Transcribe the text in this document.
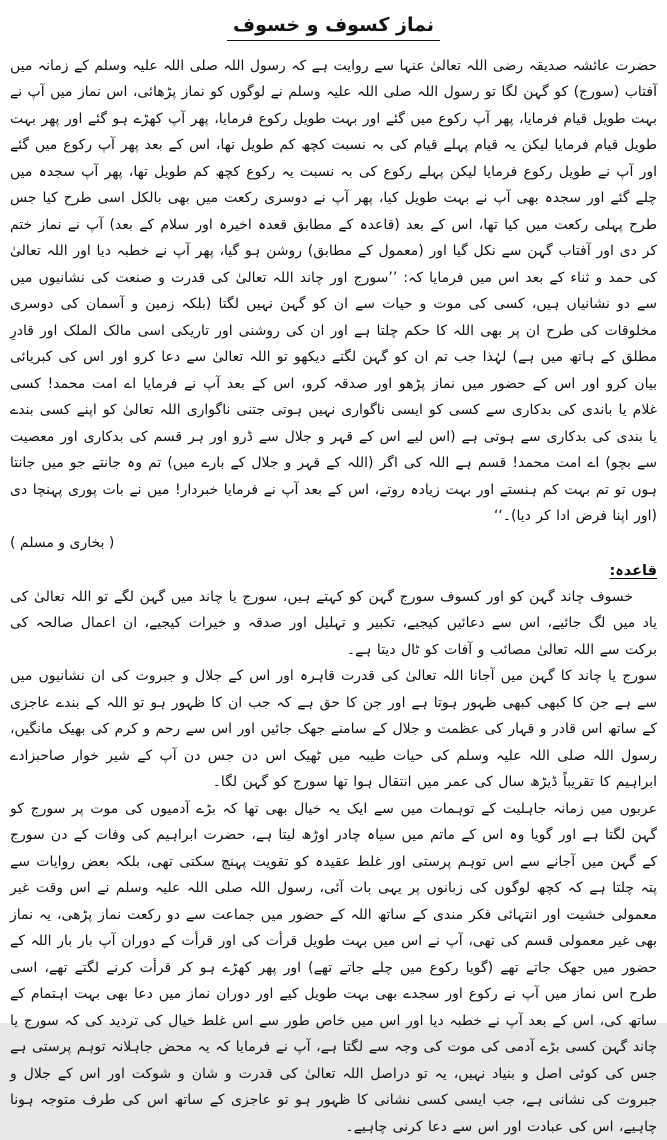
نماز کسوف و خسوف

حضرت عائشہ صدیقہ رضی اللہ تعالیٰ عنہا سے روایت ہے کہ رسول اللہ صلی اللہ علیہ وسلم کے زمانہ میں آفتاب (سورج) کو گہن لگا تو رسول اللہ صلی اللہ علیہ وسلم نے لوگوں کو نماز پڑھائی، اس نماز میں آپ نے بہت طویل قیام فرمایا، پھر آپ رکوع میں گئے اور بہت طویل رکوع فرمایا، پھر آپ کھڑے ہو گئے اور پھر بہت طویل قیام فرمایا لیکن یہ قیام پہلے قیام کی بہ نسبت کچھ کم طویل تھا، اس کے بعد پھر آپ رکوع میں گئے اور آپ نے طویل رکوع فرمایا لیکن پہلے رکوع کی بہ نسبت یہ رکوع کچھ کم طویل تھا، پھر آپ سجدہ میں چلے گئے اور سجدہ بھی آپ نے بہت طویل کیا، پھر آپ نے دوسری رکعت میں بھی بالکل اسی طرح کیا جس طرح پہلی رکعت میں کیا تھا، اس کے بعد (قاعدہ کے مطابق قعدہ اخیرہ اور سلام کے بعد) آپ نے نماز ختم کر دی اور آفتاب گہن سے نکل گیا اور (معمول کے مطابق) روشن ہو گیا، پھر آپ نے خطبہ دیا اور اللہ تعالیٰ کی حمد و ثناء کے بعد اس میں فرمایا کہ: ’’سورج اور چاند اللہ تعالیٰ کی قدرت و صنعت کی نشانیوں میں سے دو نشانیاں ہیں، کسی کی موت و حیات سے ان کو گہن نہیں لگتا (بلکہ زمین و آسمان کی دوسری مخلوقات کی طرح ان پر بھی اللہ کا حکم چلتا ہے اور ان کی روشنی اور تاریکی اسی مالک الملک اور قادرِ مطلق کے ہاتھ میں ہے) لہٰذا جب تم ان کو گہن لگتے دیکھو تو اللہ تعالیٰ سے دعا کرو اور اس کی کبریائی بیان کرو اور اس کے حضور میں نماز پڑھو اور صدقہ کرو، اس کے بعد آپ نے فرمایا اے امت محمد! کسی غلام یا باندی کی بدکاری سے کسی کو ایسی ناگواری نہیں ہوتی جتنی ناگواری اللہ تعالیٰ کو اپنے کسی بندے یا بندی کی بدکاری سے ہوتی ہے (اس لیے اس کے قہر و جلال سے ڈرو اور ہر قسم کی بدکاری اور معصیت سے بچو) اے امت محمد! قسم ہے اللہ کی اگر (اللہ کے قہر و جلال کے بارے میں) تم وہ جانتے جو میں جانتا ہوں تو تم بہت کم ہنستے اور بہت زیادہ روتے، اس کے بعد آپ نے فرمایا خبردار! میں نے بات پوری پہنچا دی (اور اپنا فرض ادا کر دیا)۔‘‘

( بخاری و مسلم )
قاعدہ:

خسوف چاند گہن کو اور کسوف سورج گہن کو کہتے ہیں، سورج یا چاند میں گہن لگے تو اللہ تعالیٰ کی یاد میں لگ جائیے، اس سے دعائیں کیجیے، تکبیر و تہلیل اور صدقہ و خیرات کیجیے، ان اعمال صالحہ کی برکت سے اللہ تعالیٰ مصائب و آفات کو ٹال دیتا ہے۔

سورج یا چاند کا گہن میں آجانا اللہ تعالیٰ کی قدرت قاہرہ اور اس کے جلال و جبروت کی ان نشانیوں میں سے ہے جن کا کبھی کبھی ظہور ہوتا ہے اور جن کا حق ہے کہ جب ان کا ظہور ہو تو اللہ کے بندے عاجزی کے ساتھ اس قادر و قہار کی عظمت و جلال کے سامنے جھک جائیں اور اس سے رحم و کرم کی بھیک مانگیں، رسول اللہ صلی اللہ علیہ وسلم کی حیات طیبہ میں ٹھیک اس دن جس دن آپ کے شیر خوار صاحبزادے ابراہیم کا تقریباً ڈیڑھ سال کی عمر میں انتقال ہوا تھا سورج کو گہن لگا۔

عربوں میں زمانہ جاہلیت کے توہمات میں سے ایک یہ خیال بھی تھا کہ بڑے آدمیوں کی موت پر سورج کو گہن لگتا ہے اور گویا وہ اس کے ماتم میں سیاہ چادر اوڑھ لیتا ہے، حضرت ابراہیم کی وفات کے دن سورج کے گہن میں آجانے سے اس توہم پرستی اور غلط عقیدہ کو تقویت پہنچ سکتی تھی، بلکہ بعض روایات سے پتہ چلتا ہے کہ کچھ لوگوں کی زبانوں پر یہی بات آئی، رسول اللہ صلی اللہ علیہ وسلم نے اس وقت غیر معمولی خشیت اور انتہائی فکر مندی کے ساتھ اللہ کے حضور میں جماعت سے دو رکعت نماز پڑھی، یہ نماز بھی غیر معمولی قسم کی تھی، آپ نے اس میں بہت طویل قرأت کی اور قرأت کے دوران آپ بار بار اللہ کے حضور میں جھک جاتے تھے (گویا رکوع میں چلے جاتے تھے) اور پھر کھڑے ہو کر قرأت کرنے لگتے تھے، اسی طرح اس نماز میں آپ نے رکوع اور سجدے بھی بہت طویل کیے اور دوران نماز میں دعا بھی بہت اہتمام کے ساتھ کی، اس کے بعد آپ نے خطبہ دیا اور اس میں خاص طور سے اس غلط خیال کی تردید کی کہ سورج یا چاند گہن کسی بڑے آدمی کی موت کی وجہ سے لگتا ہے، آپ نے فرمایا کہ یہ محض جاہلانہ توہم پرستی ہے جس کی کوئی اصل و بنیاد نہیں، یہ تو دراصل اللہ تعالیٰ کی قدرت و شان و شوکت اور اس کے جلال و جبروت کی نشانی ہے، جب ایسی کسی نشانی کا ظہور ہو تو عاجزی کے ساتھ اس کی طرف متوجہ ہونا چاہیے، اس کی عبادت اور اس سے دعا کرنی چاہیے۔
